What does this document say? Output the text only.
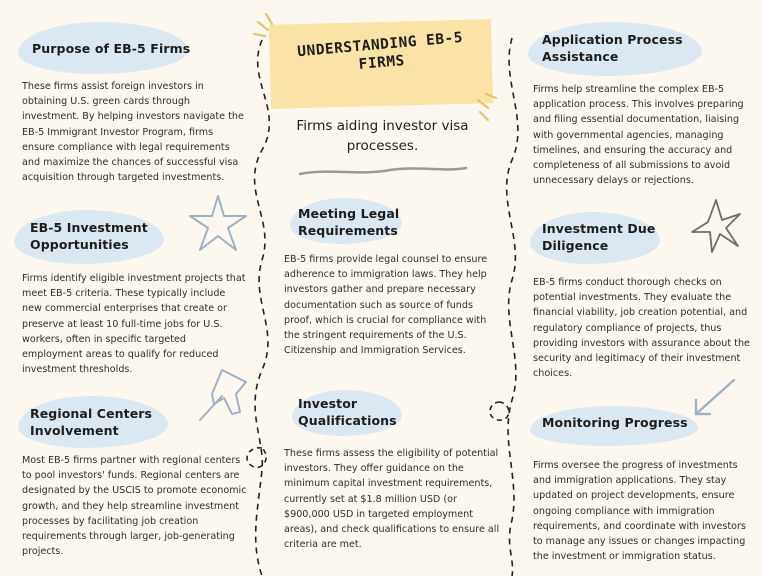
UNDERSTANDING EB-5 FIRMS
Firms aiding investor visa processes.
Purpose of EB-5 Firms
These firms assist foreign investors in obtaining U.S. green cards through investment. By helping investors navigate the EB-5 Immigrant Investor Program, firms ensure compliance with legal requirements and maximize the chances of successful visa acquisition through targeted investments.
EB-5 Investment Opportunities
Firms identify eligible investment projects that meet EB-5 criteria. These typically include new commercial enterprises that create or preserve at least 10 full-time jobs for U.S. workers, often in specific targeted employment areas to qualify for reduced investment thresholds.
Regional Centers Involvement
Most EB-5 firms partner with regional centers to pool investors' funds. Regional centers are designated by the USCIS to promote economic growth, and they help streamline investment processes by facilitating job creation requirements through larger, job-generating projects.
Meeting Legal Requirements
EB-5 firms provide legal counsel to ensure adherence to immigration laws. They help investors gather and prepare necessary documentation such as source of funds proof, which is crucial for compliance with the stringent requirements of the U.S. Citizenship and Immigration Services.
Investor Qualifications
These firms assess the eligibility of potential investors. They offer guidance on the minimum capital investment requirements, currently set at $1.8 million USD (or $900,000 USD in targeted employment areas), and check qualifications to ensure all criteria are met.
Application Process Assistance
Firms help streamline the complex EB-5 application process. This involves preparing and filing essential documentation, liaising with governmental agencies, managing timelines, and ensuring the accuracy and completeness of all submissions to avoid unnecessary delays or rejections.
Investment Due Diligence
EB-5 firms conduct thorough checks on potential investments. They evaluate the financial viability, job creation potential, and regulatory compliance of projects, thus providing investors with assurance about the security and legitimacy of their investment choices.
Monitoring Progress
Firms oversee the progress of investments and immigration applications. They stay updated on project developments, ensure ongoing compliance with immigration requirements, and coordinate with investors to manage any issues or changes impacting the investment or immigration status.
